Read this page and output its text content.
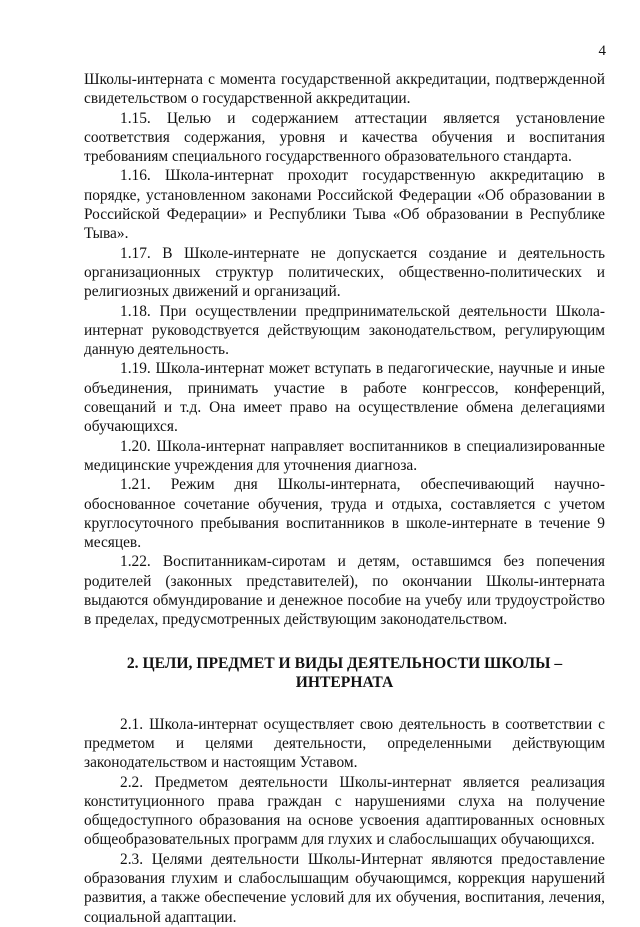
4

Школы-интерната с момента государственной аккредитации, подтвержденной свидетельством о государственной аккредитации.

1.15. Целью и содержанием аттестации является установление соответствия содержания, уровня и качества обучения и воспитания требованиям специального государственного образовательного стандарта.

1.16. Школа-интернат проходит государственную аккредитацию в порядке, установленном законами Российской Федерации «Об образовании в Российской Федерации» и Республики Тыва «Об образовании в Республике Тыва».

1.17. В Школе-интернате не допускается создание и деятельность организационных структур политических, общественно-политических и религиозных движений и организаций.

1.18. При осуществлении предпринимательской деятельности Школа-интернат руководствуется действующим законодательством, регулирующим данную деятельность.

1.19. Школа-интернат может вступать в педагогические, научные и иные объединения, принимать участие в работе конгрессов, конференций, совещаний и т.д. Она имеет право на осуществление обмена делегациями обучающихся.

1.20. Школа-интернат направляет воспитанников в специализированные медицинские учреждения для уточнения диагноза.

1.21. Режим дня Школы-интерната, обеспечивающий научно-обоснованное сочетание обучения, труда и отдыха, составляется с учетом круглосуточного пребывания воспитанников в школе-интернате в течение 9 месяцев.

1.22. Воспитанникам-сиротам и детям, оставшимся без попечения родителей (законных представителей), по окончании Школы-интерната выдаются обмундирование и денежное пособие на учебу или трудоустройство в пределах, предусмотренных действующим законодательством.

2. ЦЕЛИ, ПРЕДМЕТ И ВИДЫ ДЕЯТЕЛЬНОСТИ ШКОЛЫ –
ИНТЕРНАТА

2.1. Школа-интернат осуществляет свою деятельность в соответствии с предметом и целями деятельности, определенными действующим законодательством и настоящим Уставом.

2.2. Предметом деятельности Школы-интернат является реализация конституционного права граждан с нарушениями слуха на получение общедоступного образования на основе усвоения адаптированных основных общеобразовательных программ для глухих и слабослышащих обучающихся.

2.3. Целями деятельности Школы-Интернат являются предоставление образования глухим и слабослышащим обучающимся, коррекция нарушений развития, а также обеспечение условий для их обучения, воспитания, лечения, социальной адаптации.
